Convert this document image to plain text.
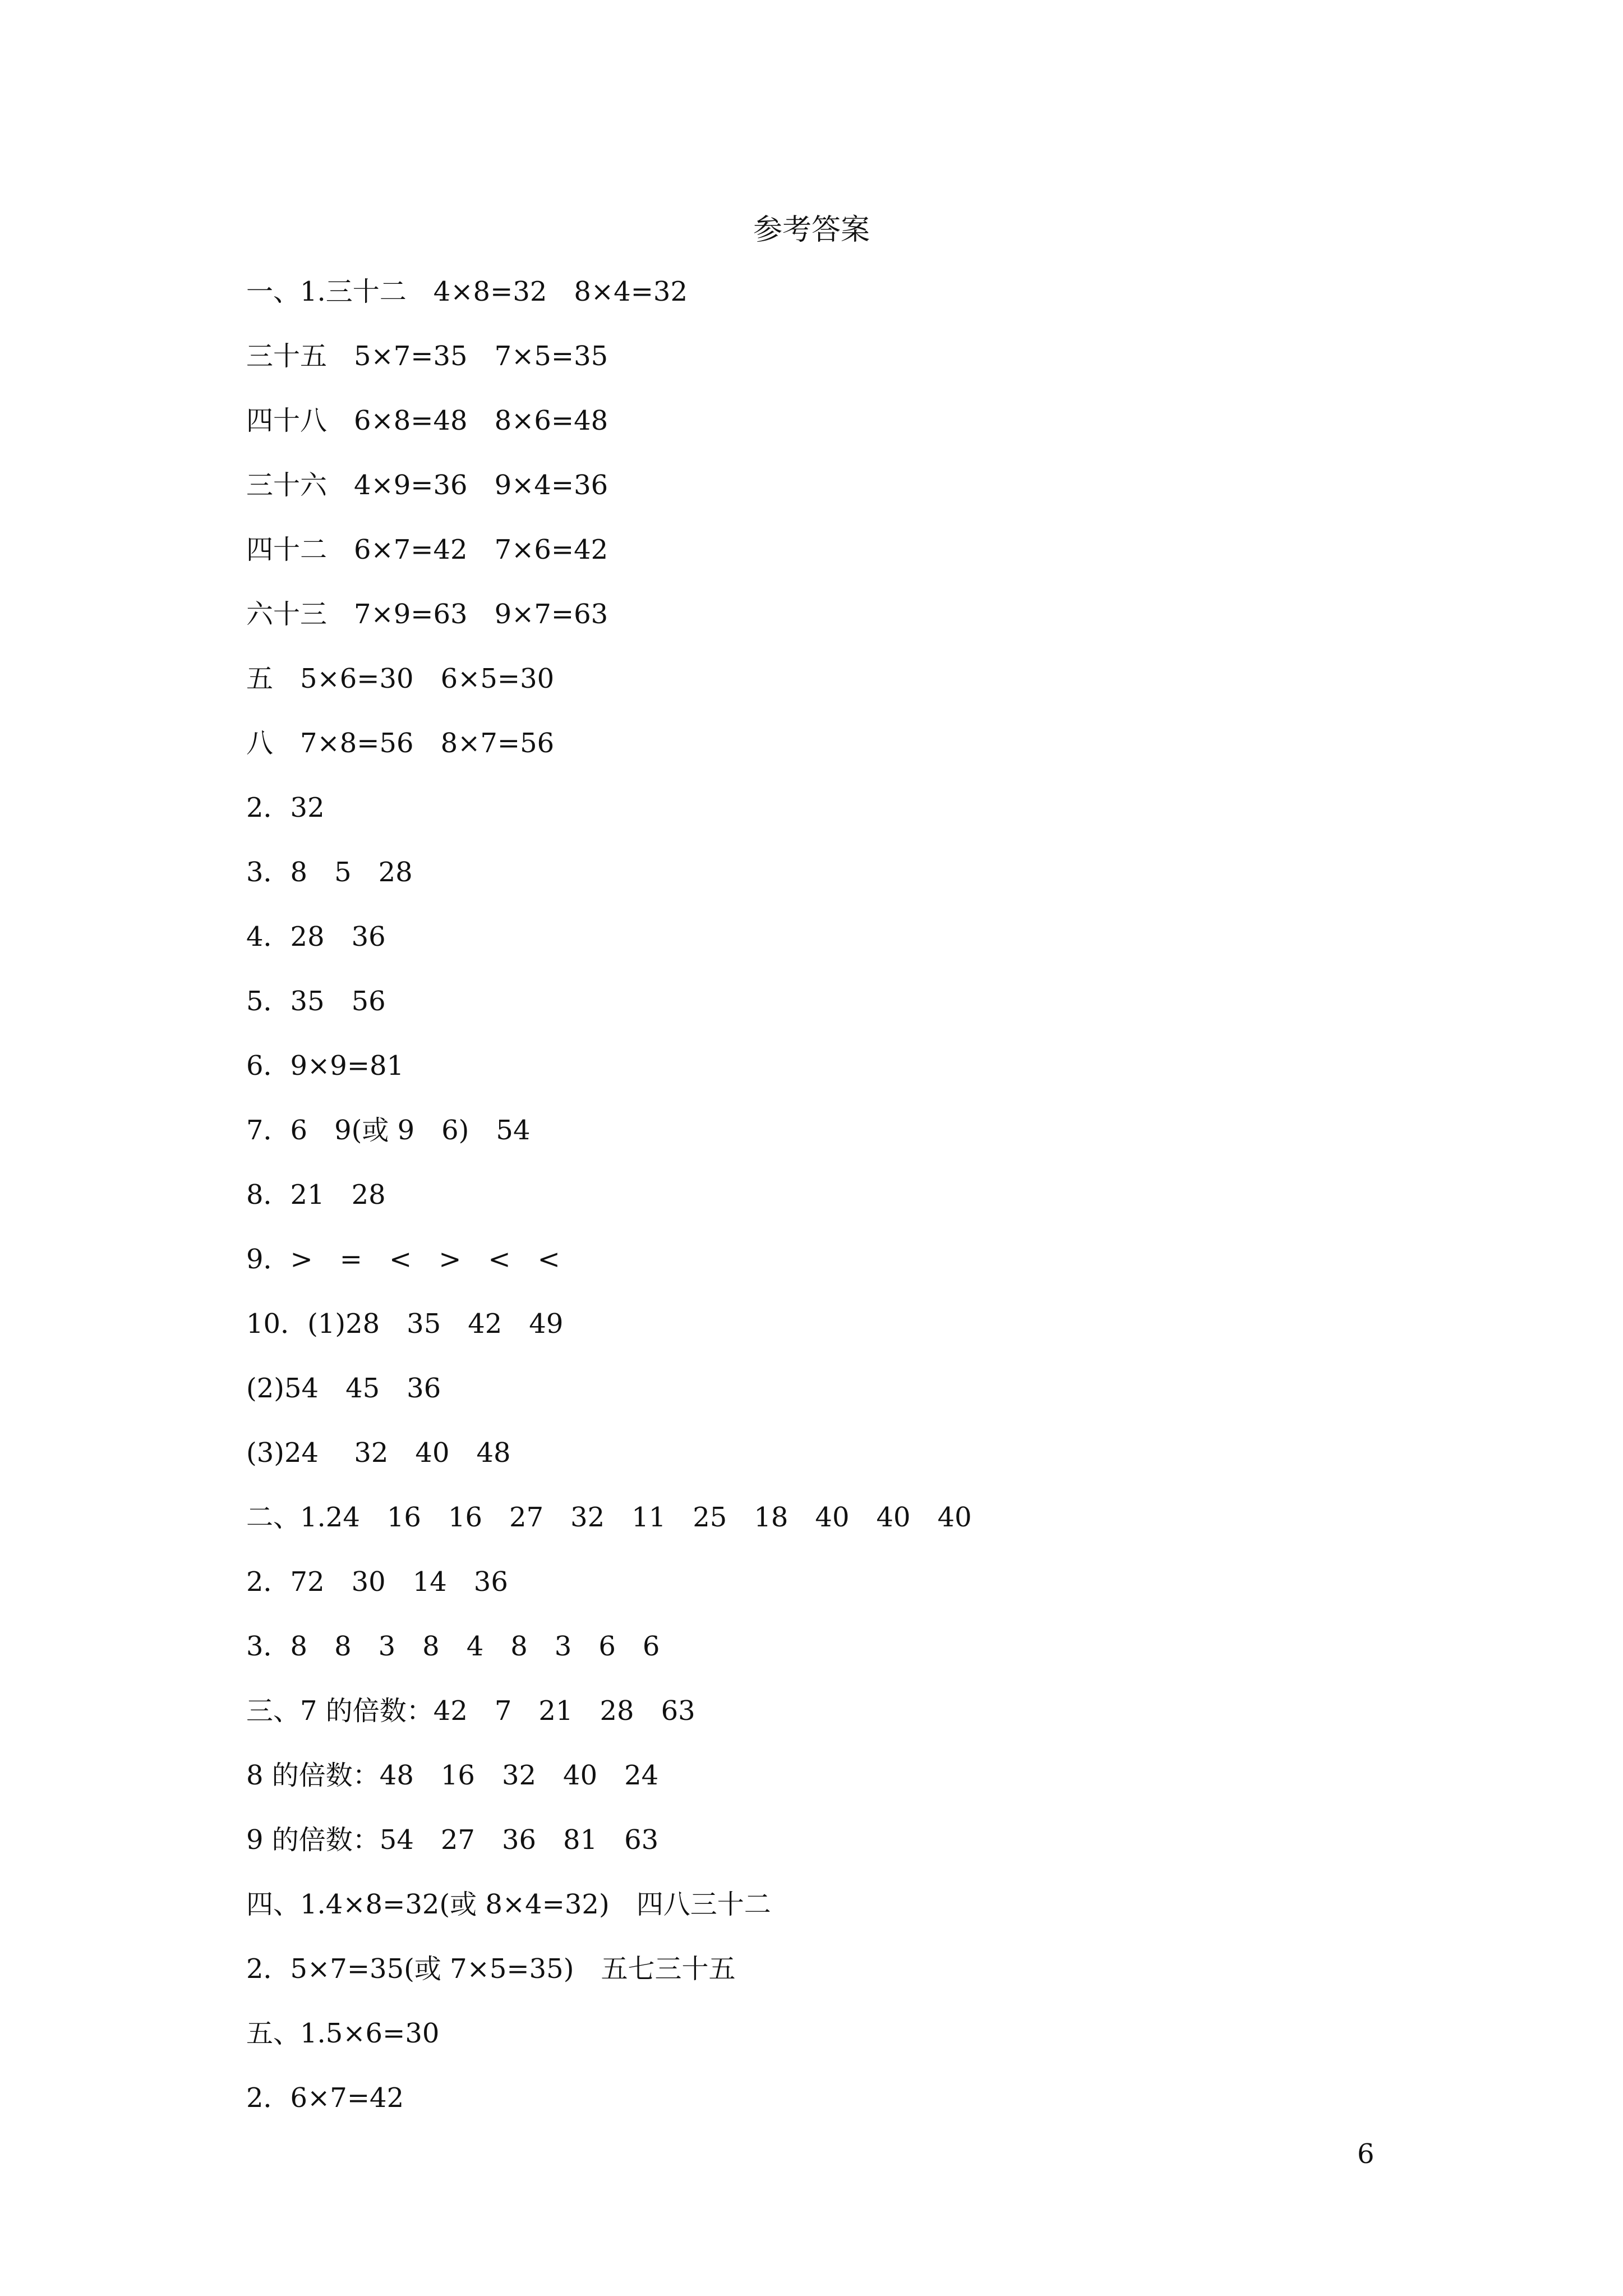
参考答案
一、1.三十二　4×8=32　8×4=32
三十五　5×7=35　7×5=35
四十八　6×8=48　8×6=48
三十六　4×9=36　9×4=36
四十二　6×7=42　7×6=42
六十三　7×9=63　9×7=63
五　5×6=30　6×5=30
八　7×8=56　8×7=56
2．32
3．8　5　28
4．28　36
5．35　56
6．9×9=81
7．6　9(或 9　6)　54
8．21　28
9．>　=　<　>　<　<
10．(1)28　35　42　49
(2)54　45　36
(3)24　 32　40　48
二、1.24　16　16　27　32　11　25　18　40　40　40
2．72　30　14　36
3．8　8　3　8　4　8　3　6　6
三、7 的倍数：42　7　21　28　63
8 的倍数：48　16　32　40　24
9 的倍数：54　27　36　81　63
四、1.4×8=32(或 8×4=32)　四八三十二
2．5×7=35(或 7×5=35)　五七三十五
五、1.5×6=30
2．6×7=42
6
